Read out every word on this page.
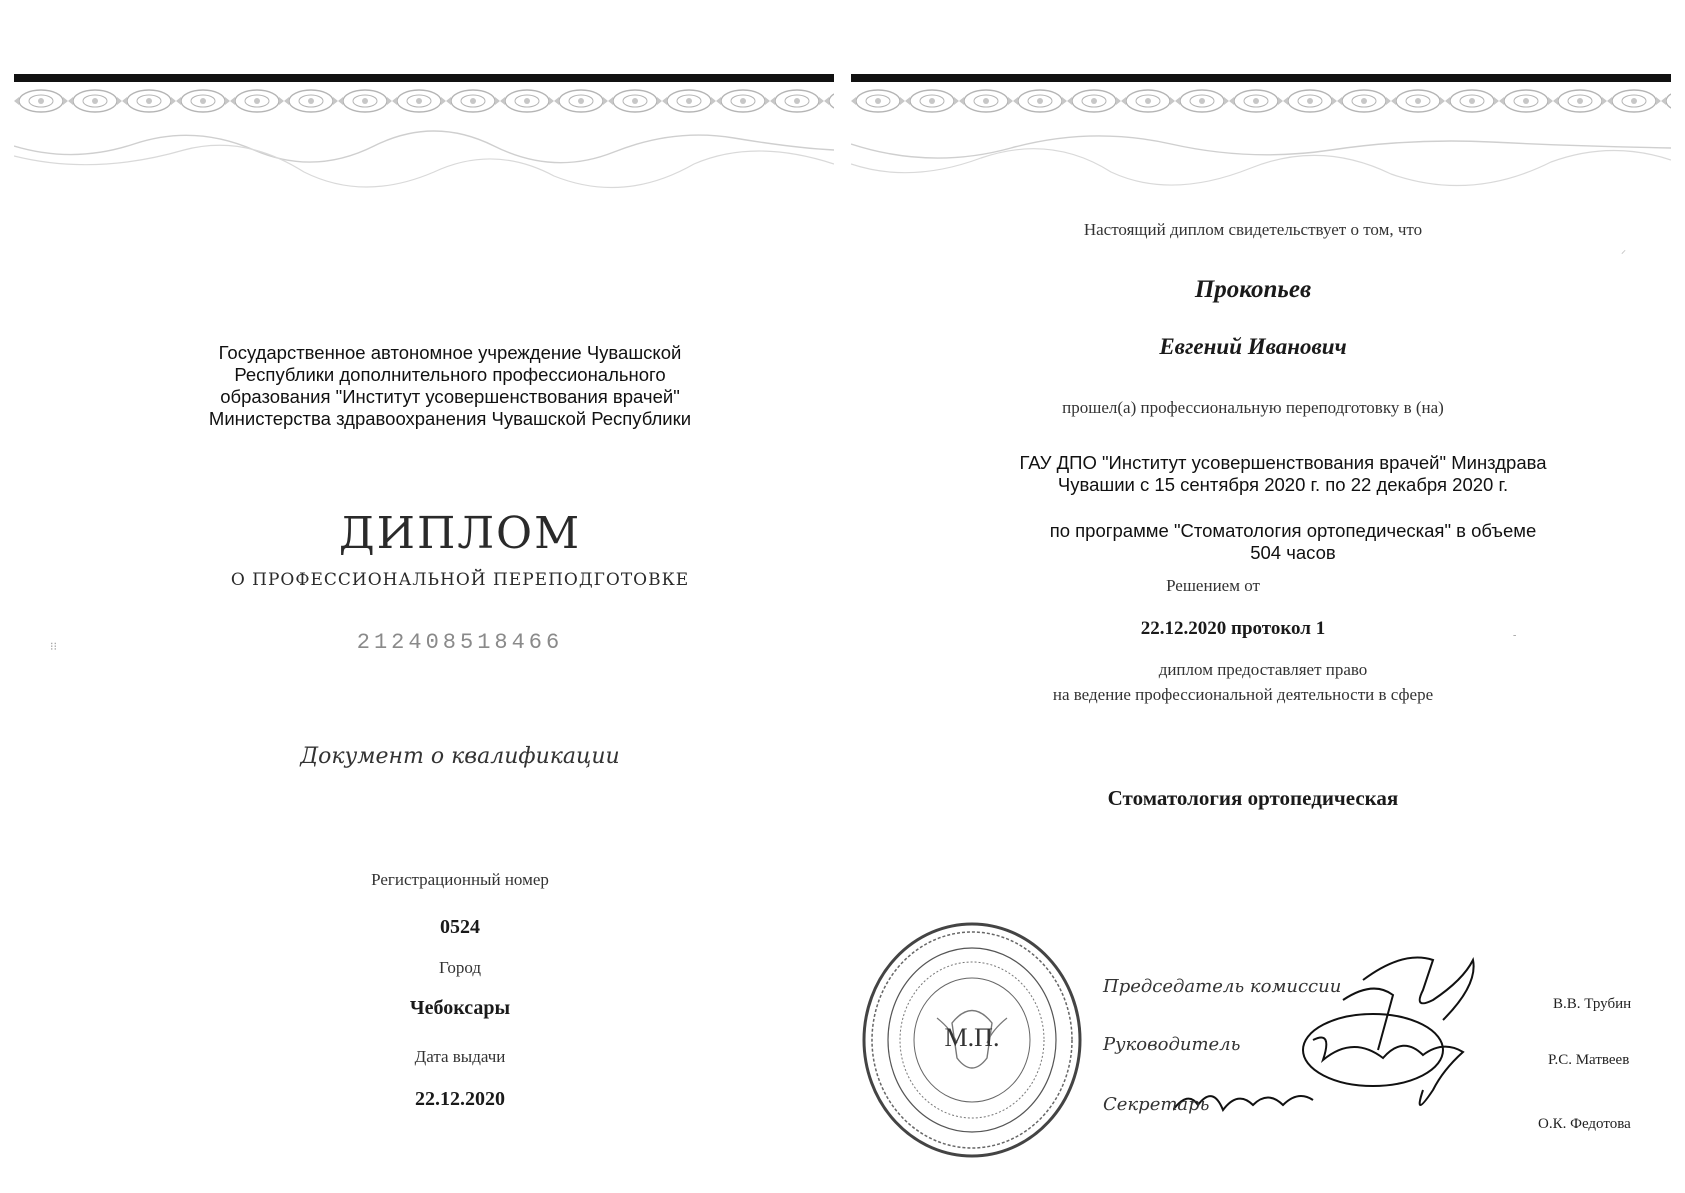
Государственное автономное учреждение Чувашской
Республики дополнительного профессионального
образования "Институт усовершенствования врачей"
Министерства здравоохранения Чувашской Республики
ДИПЛОМ
О ПРОФЕССИОНАЛЬНОЙ ПЕРЕПОДГОТОВКЕ
212408518466
Документ о квалификации
Регистрационный номер
0524
Город
Чебоксары
Дата выдачи
22.12.2020
⁝⁝
Настоящий диплом свидетельствует о том, что
Прокопьев
Евгений Иванович
прошел(а) профессиональную переподготовку в (на)
ГАУ ДПО "Институт усовершенствования врачей" Минздрава
Чувашии с 15 сентября 2020 г. по 22 декабря 2020 г.
по программе "Стоматология ортопедическая" в объеме
504 часов
Решением от
22.12.2020 протокол 1
диплом предоставляет право
на ведение профессиональной деятельности в сфере
Стоматология ортопедическая
М.П.
Председатель комиссии
Руководитель
Секретарь
В.В. Трубин
Р.С. Матвеев
О.К. Федотова
⸝
-
